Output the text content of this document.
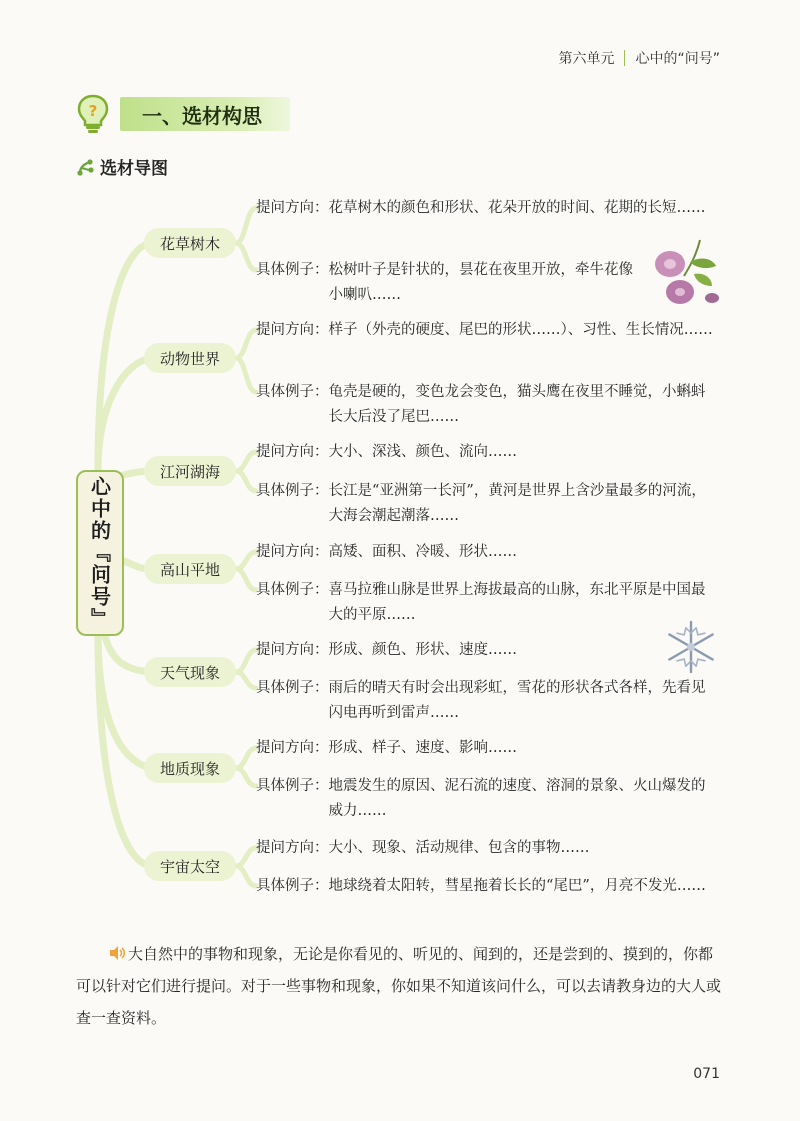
第六单元 心中的“问号”
?	一、选材构思
选材导图
心中的『问号』
花草树木
动物世界
江河湖海
高山平地
天气现象
地质现象
宇宙太空
提问方向： 花草树木的颜色和形状、花朵开放的时间、花期的长短……
具体例子： 松树叶子是针状的，昙花在夜里开放，牵牛花像小喇叭……
提问方向： 样子（外壳的硬度、尾巴的形状……）、习性、生长情况……
具体例子： 龟壳是硬的，变色龙会变色，猫头鹰在夜里不睡觉，小蝌蚪长大后没了尾巴……
提问方向： 大小、深浅、颜色、流向……
具体例子： 长江是“亚洲第一长河”，黄河是世界上含沙量最多的河流，大海会潮起潮落……
提问方向： 高矮、面积、冷暖、形状……
具体例子： 喜马拉雅山脉是世界上海拔最高的山脉，东北平原是中国最大的平原……
提问方向： 形成、颜色、形状、速度……
具体例子： 雨后的晴天有时会出现彩虹，雪花的形状各式各样，先看见闪电再听到雷声……
提问方向： 形成、样子、速度、影响……
具体例子： 地震发生的原因、泥石流的速度、溶洞的景象、火山爆发的威力……
提问方向： 大小、现象、活动规律、包含的事物……
具体例子： 地球绕着太阳转，彗星拖着长长的“尾巴”，月亮不发光……
大自然中的事物和现象，无论是你看见的、听见的、闻到的，还是尝到的、摸到的，你都可以针对它们进行提问。对于一些事物和现象，你如果不知道该问什么，可以去请教身边的大人或查一查资料。
071
